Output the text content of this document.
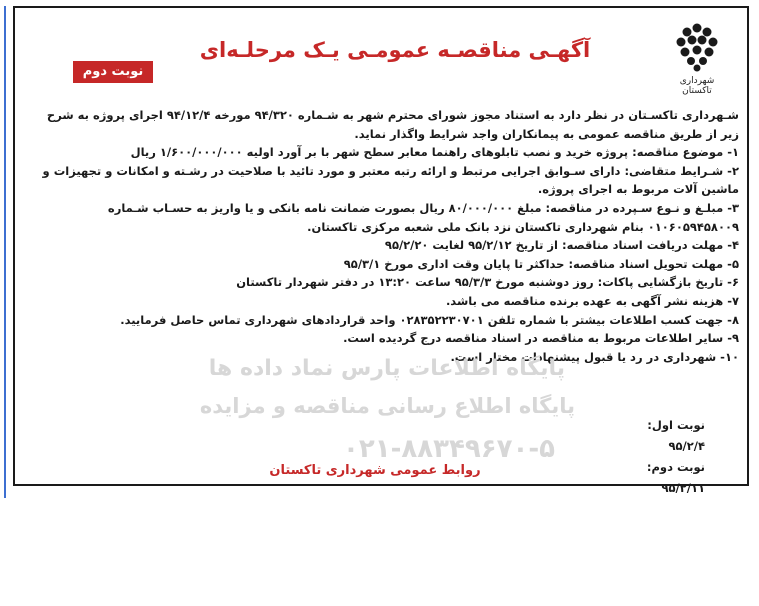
شهرداری تاکستان
آگهـی مناقصـه عمومـی یـک مرحلـه‌ای
نوبت دوم

شـهرداری تاکسـتان در نظر دارد به استناد مجوز شورای محترم شهر به شـماره ۹۴/۳۲۰ مورخه ۹۴/۱۲/۴ اجرای پروژه به شرح زیر از طریق مناقصه عمومی به پیمانکاران واجد شرایط واگذار نماید.

۱- موضوع مناقصه: پروژه خرید و نصب تابلوهای راهنما معابر سطح شهر با بر آورد اولیه ۱/۶۰۰/۰۰۰/۰۰۰ ریال

۲- شـرایط متقاضی: دارای سـوابق اجرایی مرتبط و ارائه رتبه معتبر و مورد تائید با صلاحیت در رشـته و امکانات و تجهیزات و ماشین آلات مربوط به اجرای پروژه.

۳- مبلـغ و نـوع سـپرده در مناقصه: مبلغ ۸۰/۰۰۰/۰۰۰ ریال بصورت ضمانت نامه بانکی و یا واریز به حسـاب شـماره ۰۱۰۶۰۵۹۴۵۸۰۰۹ بنام شهرداری تاکستان نزد بانک ملی شعبه مرکزی تاکستان.

۴- مهلت دریافت اسناد مناقصه: از تاریخ ۹۵/۲/۱۲ لغایت ۹۵/۲/۲۰

۵- مهلت تحویل اسناد مناقصه: حداکثر تا پایان وقت اداری مورخ ۹۵/۳/۱

۶- تاریخ بازگشایی پاکات: روز دوشنبه مورخ ۹۵/۳/۳ ساعت ۱۳:۲۰ در دفتر شهردار تاکستان

۷- هزینه نشر آگهی به عهده برنده مناقصه می باشد.

۸- جهت کسب اطلاعات بیشتر با شماره تلفن ۰۲۸۳۵۲۲۳۰۷۰۱ واحد قراردادهای شهرداری تماس حاصل فرمایید.

۹- سایر اطلاعات مربوط به مناقصه در اسناد مناقصه درج گردیده است.

۱۰- شهرداری در رد یا قبول پیشنهادات مختار است.

پایگاه اطلاعات پارس نماد داده ها
پایگاه اطلاع رسانی مناقصه و مزایده
۰۲۱-۸۸۳۴۹۶۷۰-۵
نوبت اول: ۹۵/۲/۴
نوبت دوم: ۹۵/۲/۱۱
روابط عمومی شهرداری تاکستان
